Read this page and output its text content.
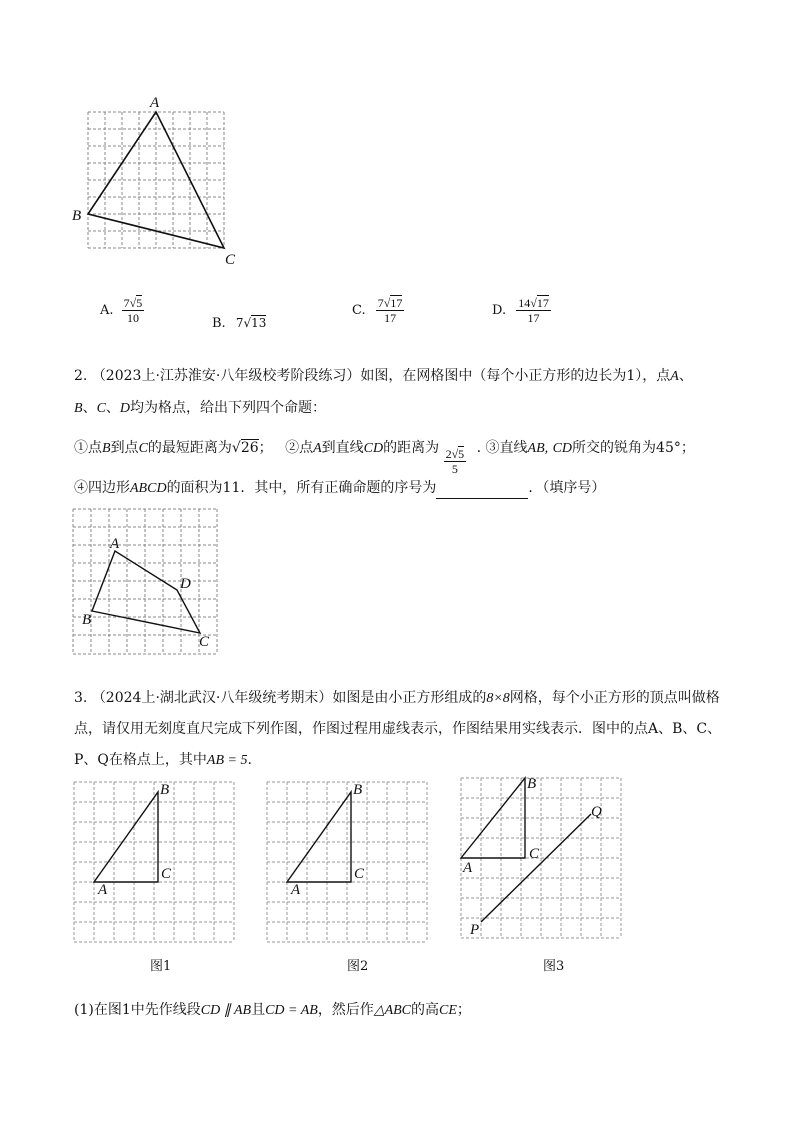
A
B
C
A. $\frac{7√5}{10}$	B. 7√13
C. $\frac{7√17}{17}$	D. $\frac{14√17}{17}$
2. （2023上·江苏淮安·八年级校考阶段练习）如图，在网格图中（每个小正方形的边长为1），点A、
B、C、D均为格点，给出下列四个命题：
①点B到点C的最短距离为√26； ②点A到直线CD的距离为 $\frac{2√5}{5}$ . ③直线AB, CD所交的锐角为45°；
④四边形ABCD的面积为11．其中，所有正确命题的序号为	．（填序号）
A
B
C
D
3. （2024上·湖北武汉·八年级统考期末）如图是由小正方形组成的8×8网格，每个小正方形的顶点叫做格
点，请仅用无刻度直尺完成下列作图，作图过程用虚线表示，作图结果用实线表示．图中的点A、B、C、
P、Q在格点上，其中AB = 5.
B
A
C
图1
B
A
C
图2
B
A
C
Q
P
图3
(1)在图1中先作线段CD ∥ AB且CD = AB，然后作△ABC的高CE；
